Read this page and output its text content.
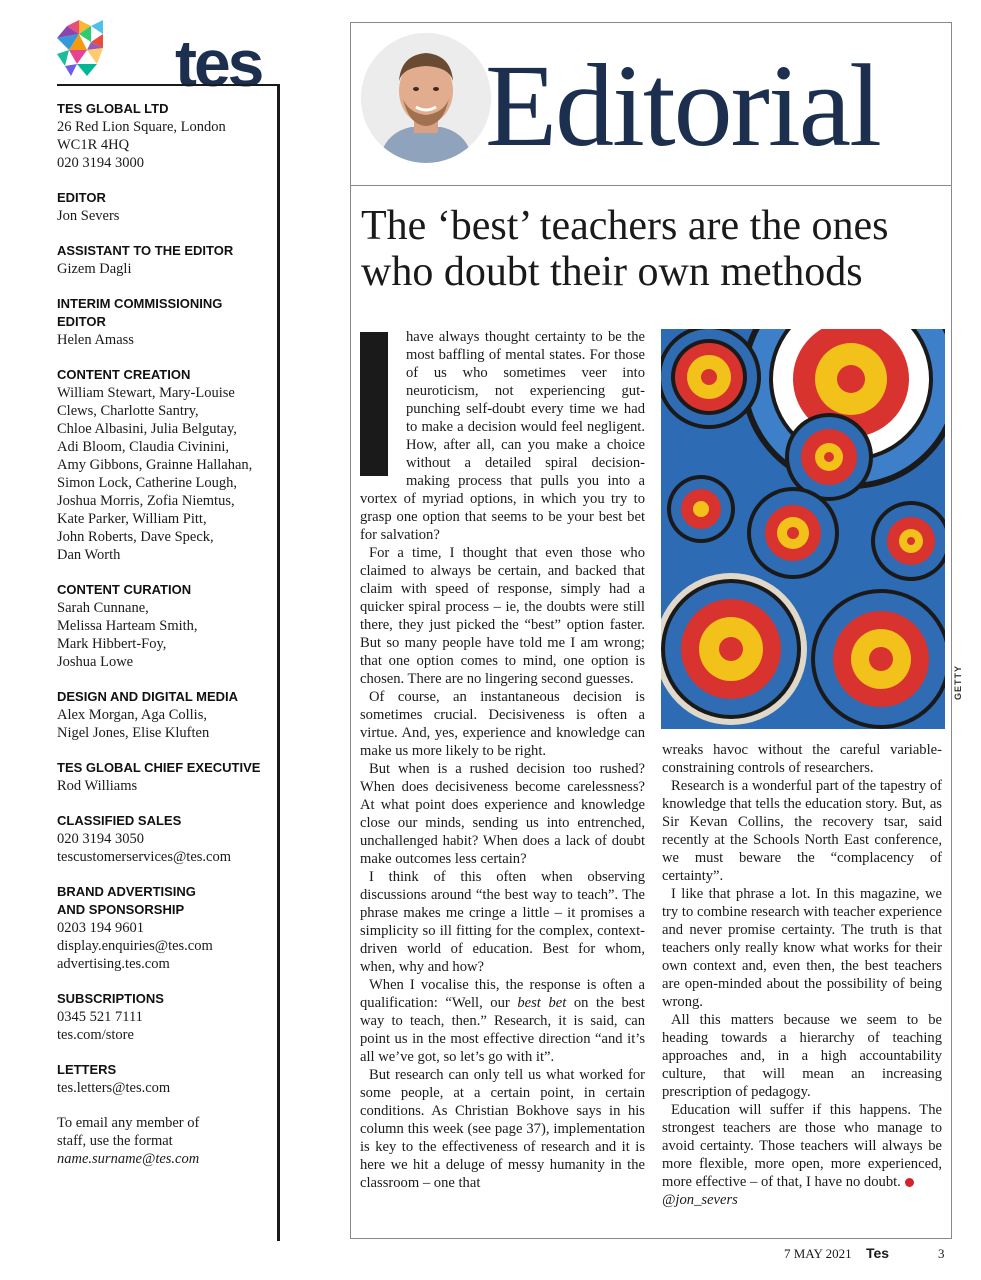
tes
TES GLOBAL LTD
26 Red Lion Square, London
WC1R 4HQ
020 3194 3000
EDITOR
Jon Severs
ASSISTANT TO THE EDITOR
Gizem Dagli
INTERIM COMMISSIONING
EDITOR
Helen Amass
CONTENT CREATION
William Stewart, Mary-Louise
Clews, Charlotte Santry,
Chloe Albasini, Julia Belgutay,
Adi Bloom, Claudia Civinini,
Amy Gibbons, Grainne Hallahan,
Simon Lock, Catherine Lough,
Joshua Morris, Zofia Niemtus,
Kate Parker, William Pitt,
John Roberts, Dave Speck,
Dan Worth
CONTENT CURATION
Sarah Cunnane,
Melissa Harteam Smith,
Mark Hibbert-Foy,
Joshua Lowe
DESIGN AND DIGITAL MEDIA
Alex Morgan, Aga Collis,
Nigel Jones, Elise Kluften
TES GLOBAL CHIEF EXECUTIVE
Rod Williams
CLASSIFIED SALES
020 3194 3050
tescustomerservices@tes.com
BRAND ADVERTISING
AND SPONSORSHIP
0203 194 9601
display.enquiries@tes.com
advertising.tes.com
SUBSCRIPTIONS
0345 521 7111
tes.com/store
LETTERS
tes.letters@tes.com
To email any member of
staff, use the format
name.surname@tes.com
Editorial
The ‘best’ teachers are the ones who doubt their own methods

have always thought certainty to be the most baffling of mental states. For those of us who sometimes veer into neuroticism, not experiencing gut-punching self-doubt every time we had to make a decision would feel negligent. How, after all, can you make a choice without a detailed spiral decision-making process that pulls you into a vortex of myriad options, in which you try to grasp one option that seems to be your best bet for salvation?

For a time, I thought that even those who claimed to always be certain, and backed that claim with speed of response, simply had a quicker spiral process – ie, the doubts were still there, they just picked the “best” option faster. But so many people have told me I am wrong; that one option comes to mind, one option is chosen. There are no lingering second guesses.

Of course, an instantaneous decision is sometimes crucial. Decisiveness is often a virtue. And, yes, experience and knowledge can make us more likely to be right.

But when is a rushed decision too rushed? When does decisiveness become carelessness? At what point does experience and knowledge close our minds, sending us into entrenched, unchallenged habit? When does a lack of doubt make outcomes less certain?

I think of this often when observing discussions around “the best way to teach”. The phrase makes me cringe a little – it promises a simplicity so ill fitting for the complex, context-driven world of education. Best for whom, when, why and how?

When I vocalise this, the response is often a qualification: “Well, our best bet on the best way to teach, then.” Research, it is said, can point us in the most effective direction “and it’s all we’ve got, so let’s go with it”.

But research can only tell us what worked for some people, at a certain point, in certain conditions. As Christian Bokhove says in his column this week (see page 37), implementation is key to the effectiveness of research and it is here we hit a deluge of messy humanity in the classroom – one that

wreaks havoc without the careful variable-constraining controls of researchers.

Research is a wonderful part of the tapestry of knowledge that tells the education story. But, as Sir Kevan Collins, the recovery tsar, said recently at the Schools North East conference, we must beware the “complacency of certainty”.

I like that phrase a lot. In this magazine, we try to combine research with teacher experience and never promise certainty. The truth is that teachers only really know what works for their own context and, even then, the best teachers are open-minded about the possibility of being wrong.

All this matters because we seem to be heading towards a hierarchy of teaching approaches and, in a high accountability culture, that will mean an increasing prescription of pedagogy.

Education will suffer if this happens. The strongest teachers are those who manage to avoid certainty. Those teachers will always be more flexible, more open, more experienced, more effective – of that, I have no doubt.

@jon_severs

GETTY
7 MAY 2021 Tes	3
